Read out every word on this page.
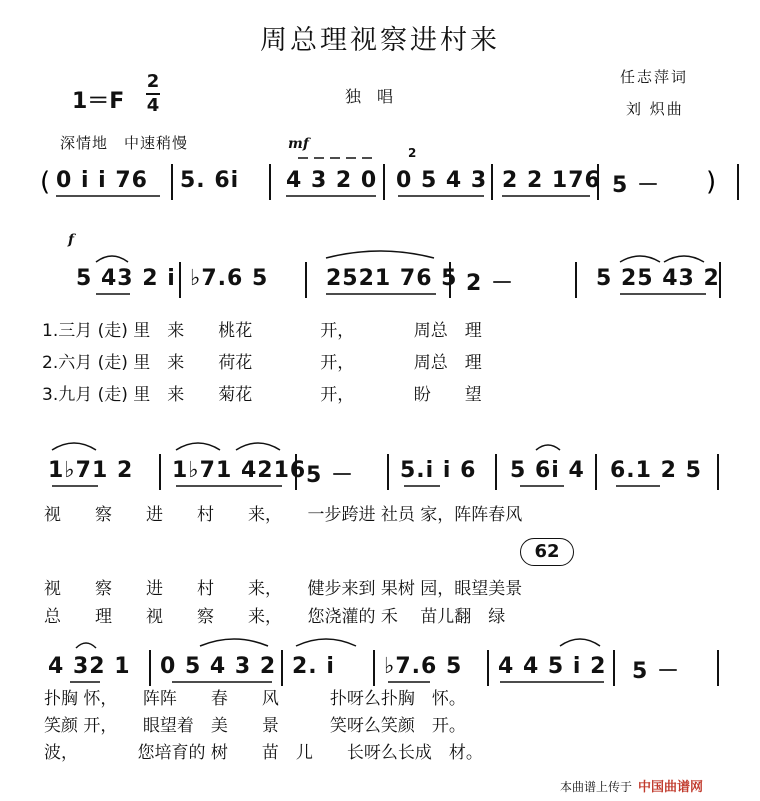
周总理视察进村来
1＝F
2
4	独唱
任志萍词
刘 炽曲
深情地　中速稍慢	mf
(	)
0 i i 76 5. 6i 4 3 2 0 0 5 4 3 2 2 176 5 －
2
f
5 43 2 i ♭7.6 5	2521 76 5 2 －	5 25 43 2
1.三月 (走) 里　来　　桃花　　　　开，　　　　周总　理
2.六月 (走) 里　来　　荷花　　　　开，　　　　周总　理
3.九月 (走) 里　来　　菊花　　　　开，　　　　盼　　望
1♭71 2 1♭71 4216 5 － 5.i i 6 5 6i 4 6.1 2 5
视　　察　　进　　村　　来，　　一步跨进 社员 家，阵阵春风
62
视　　察　　进　　村　　来，　　健步来到 果树 园，眼望美景
总　　理　　视　　察　　来，　　您浇灌的 禾　 苗儿翻　绿
4 32 1 0 5 4 3 2 2. i ♭7.6 5 4 4 5 i 2 5 －
扑胸 怀，　　阵阵　　春　　风　　　扑呀么扑胸　怀。
笑颜 开，　　眼望着　美　　景　　　笑呀么笑颜　开。
波，　　　　您培育的 树　　苗　儿　　长呀么长成　材。
本曲谱上传于 中国曲谱网
